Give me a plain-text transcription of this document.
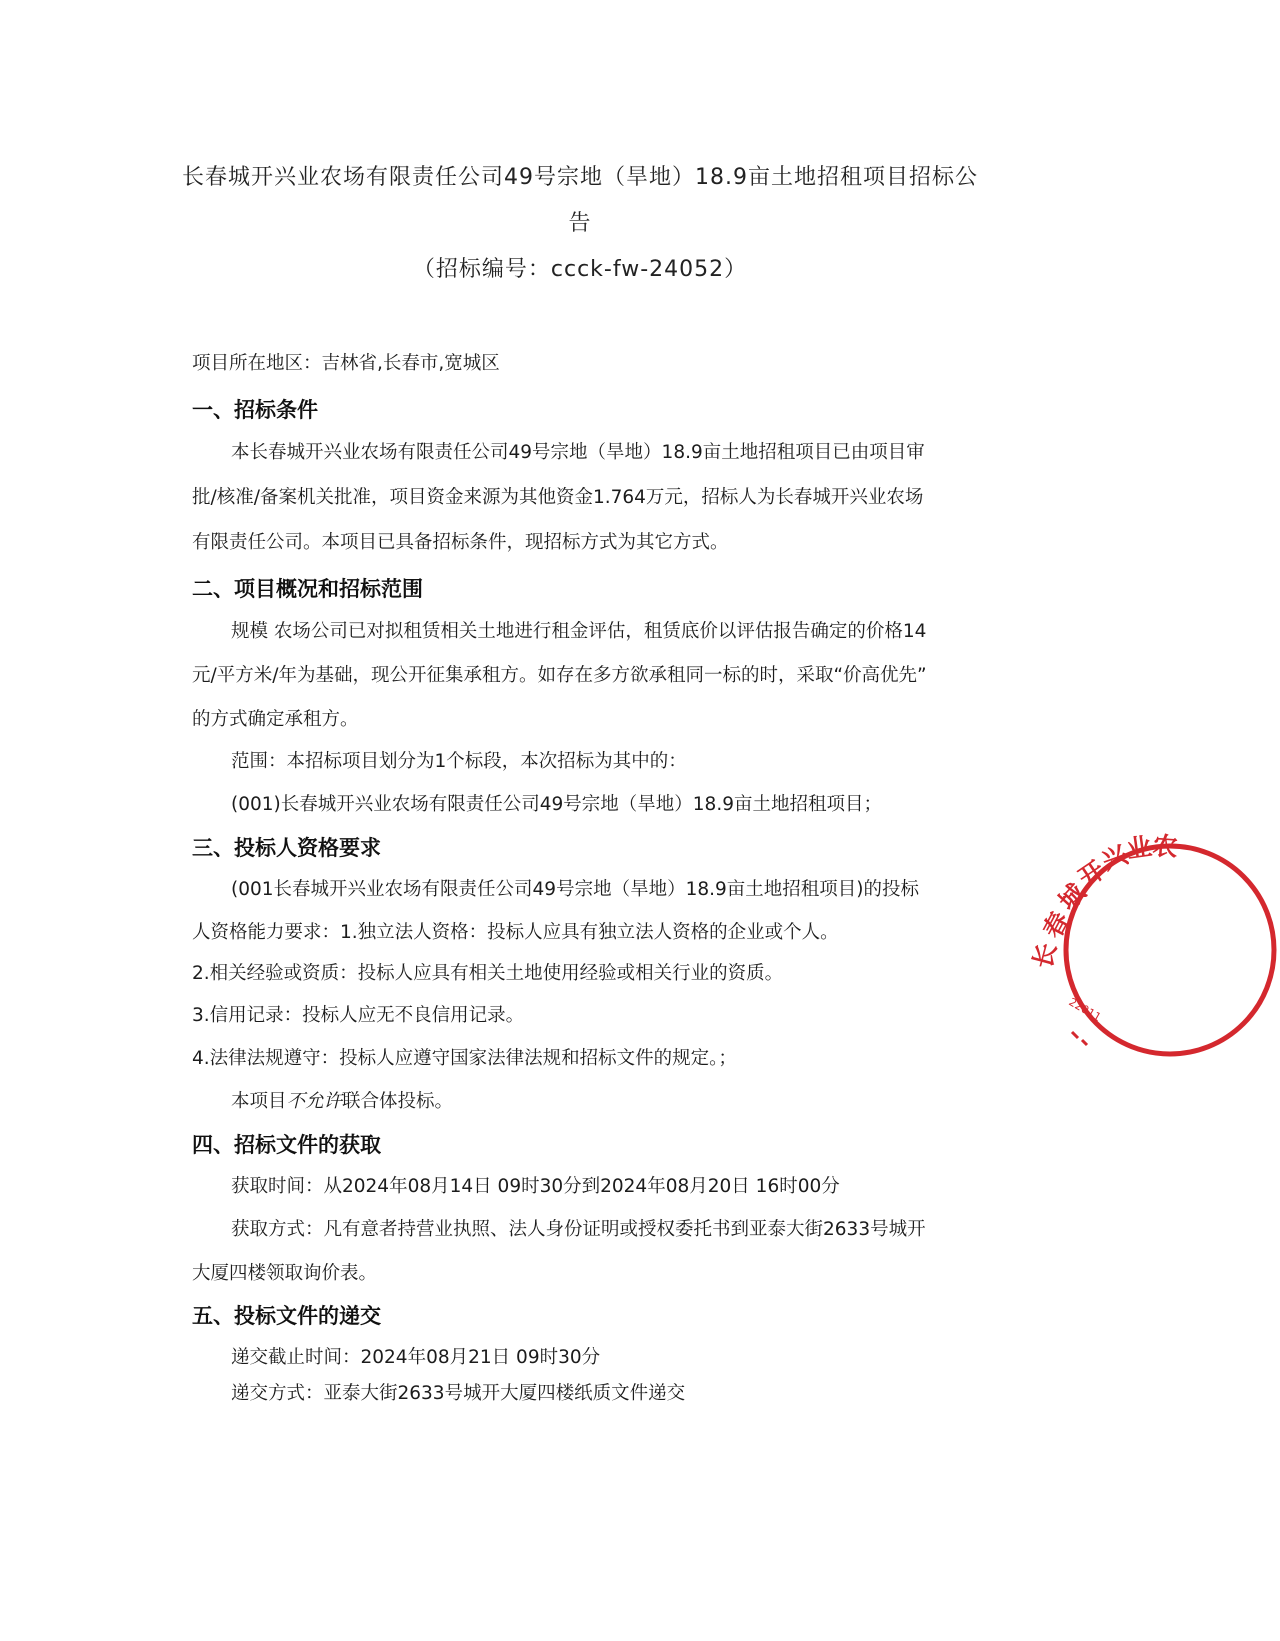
长春城开兴业农场有限责任公司49号宗地（旱地）18.9亩土地招租项目招标公
告
（招标编号：ccck-fw-24052）
项目所在地区：吉林省,长春市,宽城区
一、招标条件
本长春城开兴业农场有限责任公司49号宗地（旱地）18.9亩土地招租项目已由项目审
批/核准/备案机关批准，项目资金来源为其他资金1.764万元，招标人为长春城开兴业农场
有限责任公司。本项目已具备招标条件，现招标方式为其它方式。
二、项目概况和招标范围
规模 农场公司已对拟租赁相关土地进行租金评估，租赁底价以评估报告确定的价格14
元/平方米/年为基础，现公开征集承租方。如存在多方欲承租同一标的时，采取“价高优先”
的方式确定承租方。
范围：本招标项目划分为1个标段，本次招标为其中的：
(001)长春城开兴业农场有限责任公司49号宗地（旱地）18.9亩土地招租项目；
三、投标人资格要求
(001长春城开兴业农场有限责任公司49号宗地（旱地）18.9亩土地招租项目)的投标
人资格能力要求：1.独立法人资格：投标人应具有独立法人资格的企业或个人。
2.相关经验或资质：投标人应具有相关土地使用经验或相关行业的资质。
3.信用记录：投标人应无不良信用记录。
4.法律法规遵守：投标人应遵守国家法律法规和招标文件的规定。；
本项目不允许联合体投标。
四、招标文件的获取
获取时间：从2024年08月14日 09时30分到2024年08月20日 16时00分
获取方式：凡有意者持营业执照、法人身份证明或授权委托书到亚泰大街2633号城开
大厦四楼领取询价表。
五、投标文件的递交
递交截止时间：2024年08月21日 09时30分
递交方式：亚泰大街2633号城开大厦四楼纸质文件递交
长
春
城
开
兴
业
农
22011
